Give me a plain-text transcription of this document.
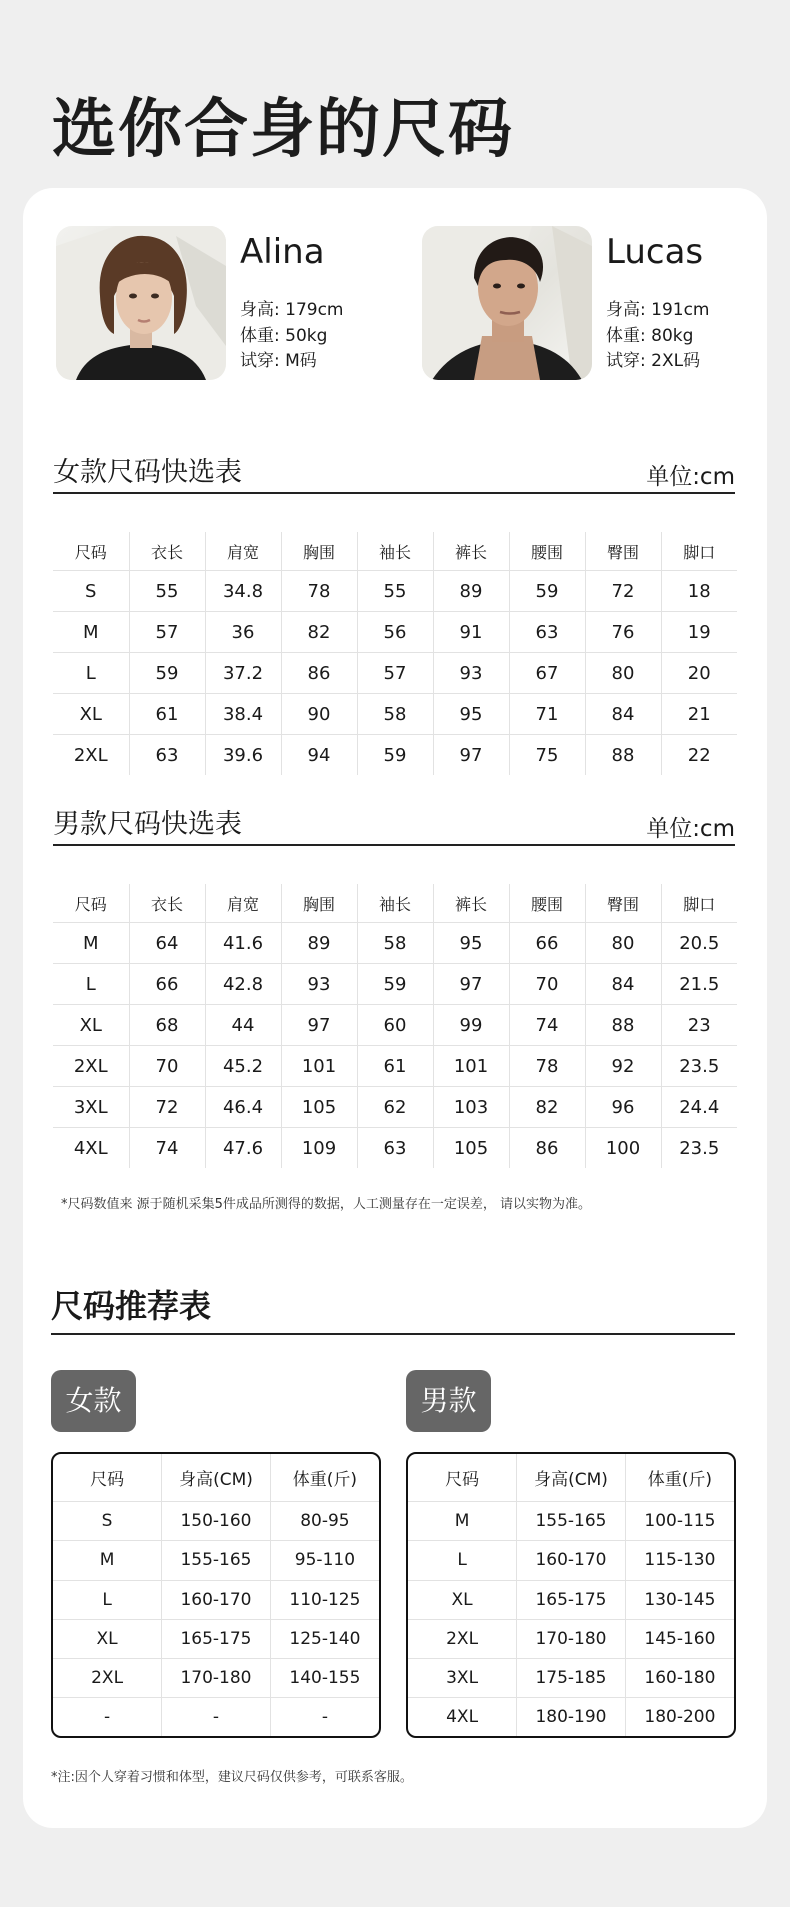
选你合身的尺码
Alina
身高: 179cm
体重: 50kg
试穿: M码
Lucas
身高: 191cm
体重: 80kg
试穿: 2XL码
女款尺码快选表	单位:cm
尺码	衣长	肩宽	胸围	袖长	裤长	腰围	臀围	脚口
S	55	34.8	78	55	89	59	72	18
M	57	36	82	56	91	63	76	19
L	59	37.2	86	57	93	67	80	20
XL	61	38.4	90	58	95	71	84	21
2XL	63	39.6	94	59	97	75	88	22
男款尺码快选表	单位:cm
尺码	衣长	肩宽	胸围	袖长	裤长	腰围	臀围	脚口
M	64	41.6	89	58	95	66	80	20.5
L	66	42.8	93	59	97	70	84	21.5
XL	68	44	97	60	99	74	88	23
2XL	70	45.2	101	61	101	78	92	23.5
3XL	72	46.4	105	62	103	82	96	24.4
4XL	74	47.6	109	63	105	86	100	23.5
*尺码数值来 源于随机采集5件成品所测得的数据，人工测量存在一定误差， 请以实物为准。
尺码推荐表
女款	男款
尺码	身高(CM)	体重(斤)
S	150-160	80-95
M	155-165	95-110
L	160-170	110-125
XL	165-175	125-140
2XL	170-180	140-155
-	-	-
尺码	身高(CM)	体重(斤)
M	155-165	100-115
L	160-170	115-130
XL	165-175	130-145
2XL	170-180	145-160
3XL	175-185	160-180
4XL	180-190	180-200
*注:因个人穿着习惯和体型，建议尺码仅供参考，可联系客服。
